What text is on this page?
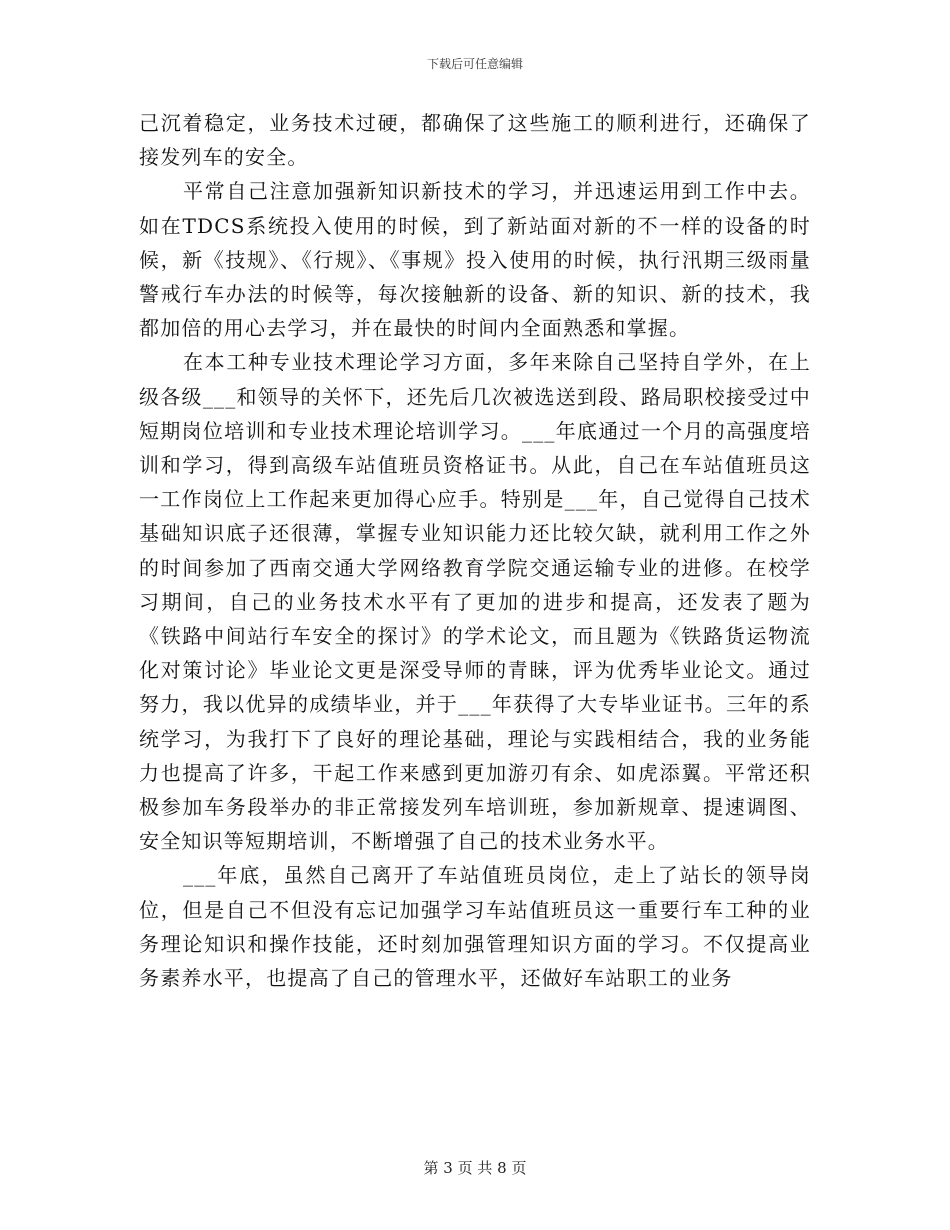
下载后可任意编辑

己沉着稳定，业务技术过硬，都确保了这些施工的顺利进行，还确保了接发列车的安全。

平常自己注意加强新知识新技术的学习，并迅速运用到工作中去。如在TDCS系统投入使用的时候，到了新站面对新的不一样的设备的时候，新《技规》、《行规》、《事规》投入使用的时候，执行汛期三级雨量警戒行车办法的时候等，每次接触新的设备、新的知识、新的技术，我都加倍的用心去学习，并在最快的时间内全面熟悉和掌握。

在本工种专业技术理论学习方面，多年来除自己坚持自学外，在上级各级___和领导的关怀下，还先后几次被选送到段、路局职校接受过中短期岗位培训和专业技术理论培训学习。___年底通过一个月的高强度培训和学习，得到高级车站值班员资格证书。从此，自己在车站值班员这一工作岗位上工作起来更加得心应手。特别是___年，自己觉得自己技术基础知识底子还很薄，掌握专业知识能力还比较欠缺，就利用工作之外的时间参加了西南交通大学网络教育学院交通运输专业的进修。在校学习期间，自己的业务技术水平有了更加的进步和提高，还发表了题为《铁路中间站行车安全的探讨》的学术论文，而且题为《铁路货运物流化对策讨论》毕业论文更是深受导师的青睐，评为优秀毕业论文。通过努力，我以优异的成绩毕业，并于___年获得了大专毕业证书。三年的系统学习，为我打下了良好的理论基础，理论与实践相结合，我的业务能力也提高了许多，干起工作来感到更加游刃有余、如虎添翼。平常还积极参加车务段举办的非正常接发列车培训班，参加新规章、提速调图、安全知识等短期培训，不断增强了自己的技术业务水平。

___年底，虽然自己离开了车站值班员岗位，走上了站长的领导岗位，但是自己不但没有忘记加强学习车站值班员这一重要行车工种的业务理论知识和操作技能，还时刻加强管理知识方面的学习。不仅提高业务素养水平，也提高了自己的管理水平，还做好车站职工的业务

第 3 页 共 8 页
